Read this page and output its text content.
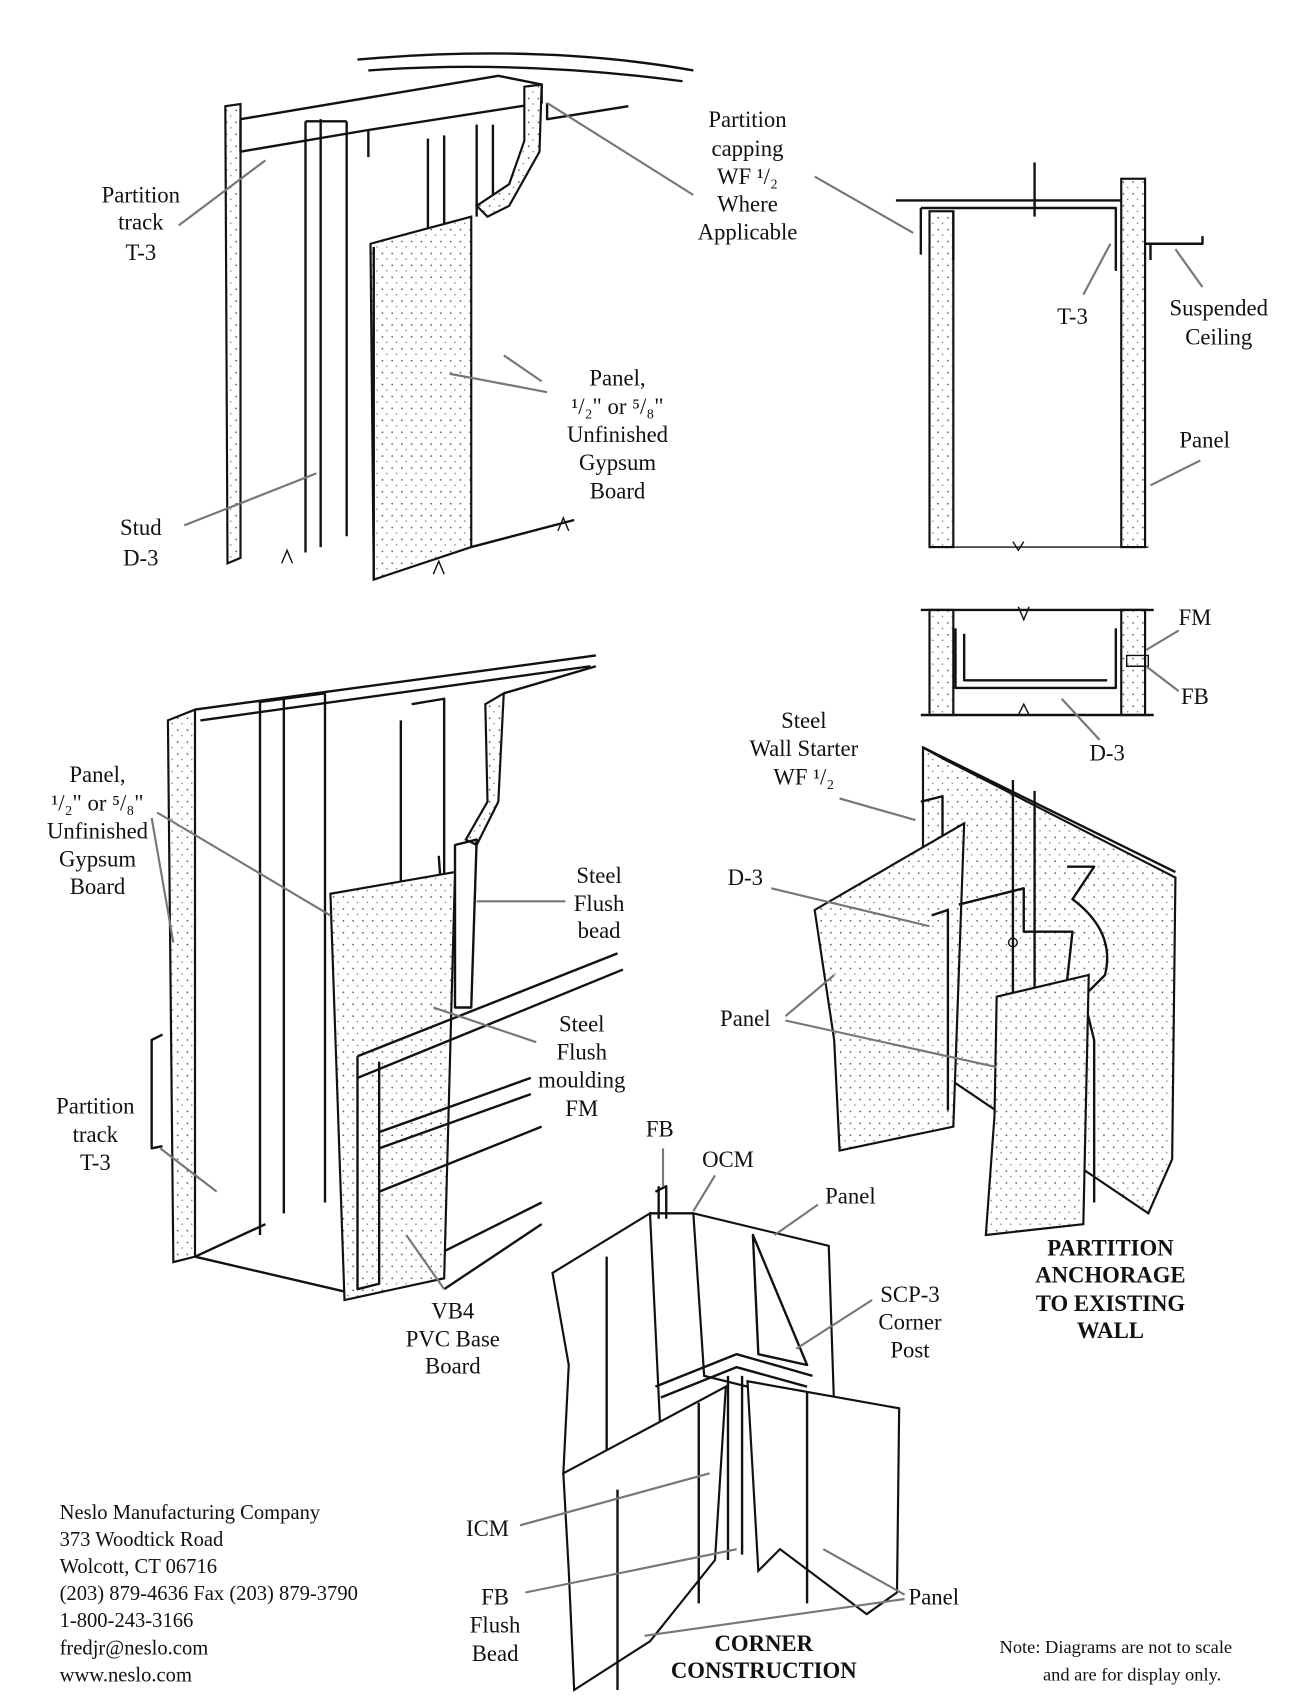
Partition
track
T-3
Stud
D-3
Panel,
¹/₂" or ⁵/₈"
Unfinished
Gypsum
Board
Partition
capping
WF ¹/₂
Where
Applicable
T-3	Suspended
Ceiling
Panel
FM
FB
D-3
Steel
Wall Starter
WF ¹/₂
D-3
Panel
PARTITION
ANCHORAGE
TO EXISTING
WALL
Panel,
¹/₂" or ⁵/₈"
Unfinished
Gypsum
Board	Steel
Flush
bead
Steel
Flush
moulding
FM
Partition
track
T-3
VB4
PVC Base
Board
FB
OCM
Panel
SCP-3
Corner
Post
ICM
FB
Flush
Bead
Panel
CORNER
CONSTRUCTION
Neslo Manufacturing Company
373 Woodtick Road
Wolcott, CT 06716
(203) 879-4636 Fax (203) 879-3790
1-800-243-3166
fredjr@neslo.com
www.neslo.com
Note: Diagrams are not to scale
and are for display only.
